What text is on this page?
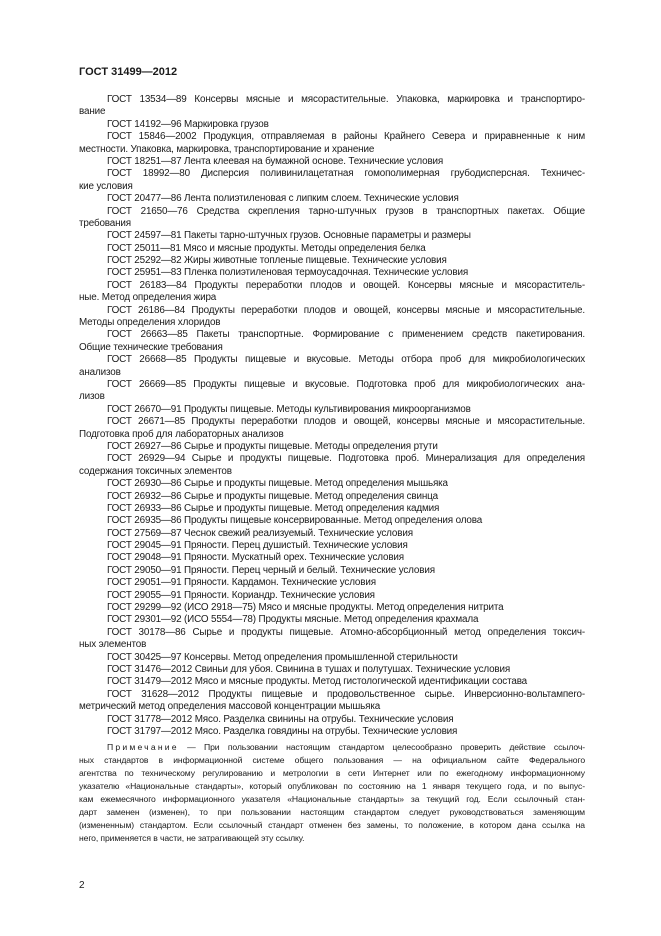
ГОСТ 31499—2012
ГОСТ 13534—89 Консервы мясные и мясорастительные. Упаковка, маркировка и транспортиро-
вание
ГОСТ 14192—96 Маркировка грузов
ГОСТ 15846—2002 Продукция, отправляемая в районы Крайнего Севера и приравненные к ним
местности. Упаковка, маркировка, транспортирование и хранение
ГОСТ 18251—87 Лента клеевая на бумажной основе. Технические условия
ГОСТ 18992—80 Дисперсия поливинилацетатная гомополимерная грубодисперсная. Техничес-
кие условия
ГОСТ 20477—86 Лента полиэтиленовая с липким слоем. Технические условия
ГОСТ 21650—76 Средства скрепления тарно-штучных грузов в транспортных пакетах. Общие
требования
ГОСТ 24597—81 Пакеты тарно-штучных грузов. Основные параметры и размеры
ГОСТ 25011—81 Мясо и мясные продукты. Методы определения белка
ГОСТ 25292—82 Жиры животные топленые пищевые. Технические условия
ГОСТ 25951—83 Пленка полиэтиленовая термоусадочная. Технические условия
ГОСТ 26183—84 Продукты переработки плодов и овощей. Консервы мясные и мясораститель-
ные. Метод определения жира
ГОСТ 26186—84 Продукты переработки плодов и овощей, консервы мясные и мясорастительные.
Методы определения хлоридов
ГОСТ 26663—85 Пакеты транспортные. Формирование с применением средств пакетирования.
Общие технические требования
ГОСТ 26668—85 Продукты пищевые и вкусовые. Методы отбора проб для микробиологических
анализов
ГОСТ 26669—85 Продукты пищевые и вкусовые. Подготовка проб для микробиологических ана-
лизов
ГОСТ 26670—91 Продукты пищевые. Методы культивирования микроорганизмов
ГОСТ 26671—85 Продукты переработки плодов и овощей, консервы мясные и мясорастительные.
Подготовка проб для лабораторных анализов
ГОСТ 26927—86 Сырье и продукты пищевые. Методы определения ртути
ГОСТ 26929—94 Сырье и продукты пищевые. Подготовка проб. Минерализация для определения
содержания токсичных элементов
ГОСТ 26930—86 Сырье и продукты пищевые. Метод определения мышьяка
ГОСТ 26932—86 Сырье и продукты пищевые. Метод определения свинца
ГОСТ 26933—86 Сырье и продукты пищевые. Метод определения кадмия
ГОСТ 26935—86 Продукты пищевые консервированные. Метод определения олова
ГОСТ 27569—87 Чеснок свежий реализуемый. Технические условия
ГОСТ 29045—91 Пряности. Перец душистый. Технические условия
ГОСТ 29048—91 Пряности. Мускатный орех. Технические условия
ГОСТ 29050—91 Пряности. Перец черный и белый. Технические условия
ГОСТ 29051—91 Пряности. Кардамон. Технические условия
ГОСТ 29055—91 Пряности. Кориандр. Технические условия
ГОСТ 29299—92 (ИСО 2918—75) Мясо и мясные продукты. Метод определения нитрита
ГОСТ 29301—92 (ИСО 5554—78) Продукты мясные. Метод определения крахмала
ГОСТ 30178—86 Сырье и продукты пищевые. Атомно-абсорбционный метод определения токсич-
ных элементов
ГОСТ 30425—97 Консервы. Метод определения промышленной стерильности
ГОСТ 31476—2012 Свиньи для убоя. Свинина в тушах и полутушах. Технические условия
ГОСТ 31479—2012 Мясо и мясные продукты. Метод гистологической идентификации состава
ГОСТ 31628—2012 Продукты пищевые и продовольственное сырье. Инверсионно-вольтампero-
метрический метод определения массовой концентрации мышьяка
ГОСТ 31778—2012 Мясо. Разделка свинины на отрубы. Технические условия
ГОСТ 31797—2012 Мясо. Разделка говядины на отрубы. Технические условия
Примечание — При пользовании настоящим стандартом целесообразно проверить действие ссылоч-
ных стандартов в информационной системе общего пользования — на официальном сайте Федерального
агентства по техническому регулированию и метрологии в сети Интернет или по ежегодному информационному
указателю «Национальные стандарты», который опубликован по состоянию на 1 января текущего года, и по выпус-
кам ежемесячного информационного указателя «Национальные стандарты» за текущий год. Если ссылочный стан-
дарт заменен (изменен), то при пользовании настоящим стандартом следует руководствоваться заменяющим
(измененным) стандартом. Если ссылочный стандарт отменен без замены, то положение, в котором дана ссылка на
него, применяется в части, не затрагивающей эту ссылку.
2
